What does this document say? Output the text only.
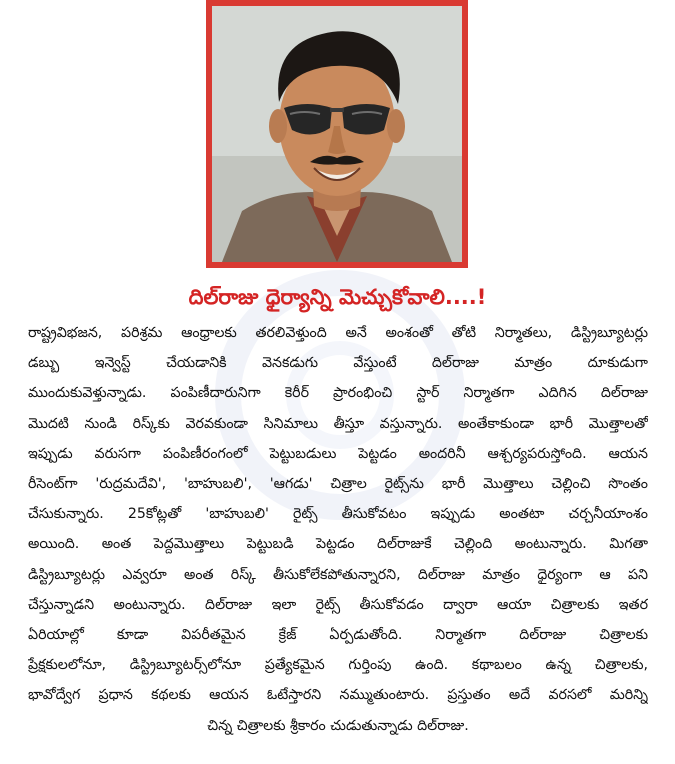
దిల్‌రాజు ధైర్యాన్ని మెచ్చుకోవాలి....!
రాష్ట్రవిభజన, పరిశ్రమ ఆంధ్రాలకు తరలివెళ్తుంది అనే అంశంతో తోటి నిర్మాతలు, డిస్ట్రిబ్యూటర్లు
డబ్బు ఇన్వెస్ట్ చేయడానికి వెనకడుగు వేస్తుంటే దిల్‌రాజు మాత్రం దూకుడుగా
ముందుకువెళ్తున్నాడు. పంపిణీదారునిగా కెరీర్ ప్రారంభించి స్టార్ నిర్మాతగా ఎదిగిన దిల్‌రాజు
మొదటి నుండి రిస్క్‌కు వెరవకుండా సినిమాలు తీస్తూ వస్తున్నారు. అంతేకాకుండా భారీ మొత్తాలతో
ఇప్పుడు వరుసగా పంపిణీరంగంలో పెట్టుబడులు పెట్టడం అందరినీ ఆశ్చర్యపరుస్తోంది. ఆయన
రీసెంట్‌గా 'రుద్రమదేవి', 'బాహుబలి', 'ఆగడు' చిత్రాల రైట్స్‌ను భారీ మొత్తాలు చెల్లించి సొంతం
చేసుకున్నారు. 25కోట్లతో 'బాహుబలి' రైట్స్ తీసుకోవటం ఇప్పుడు అంతటా చర్చనీయాంశం
అయింది. అంత పెద్దమొత్తాలు పెట్టుబడి పెట్టడం దిల్‌రాజుకే చెల్లింది అంటున్నారు. మిగతా
డిస్ట్రిబ్యూటర్లు ఎవ్వరూ అంత రిస్క్ తీసుకోలేకపోతున్నారని, దిల్‌రాజు మాత్రం ధైర్యంగా ఆ పని
చేస్తున్నాడని అంటున్నారు. దిల్‌రాజు ఇలా రైట్స్ తీసుకోవడం ద్వారా ఆయా చిత్రాలకు ఇతర
ఏరియాల్లో కూడా విపరీతమైన క్రేజ్ ఏర్పడుతోంది. నిర్మాతగా దిల్‌రాజు చిత్రాలకు
ప్రేక్షకులలోనూ, డిస్ట్రిబ్యూటర్స్‌లోనూ ప్రత్యేకమైన గుర్తింపు ఉంది. కథాబలం ఉన్న చిత్రాలకు,
భావోద్వేగ ప్రధాన కథలకు ఆయన ఓటేస్తారని నమ్ముతుంటారు. ప్రస్తుతం అదే వరసలో మరిన్ని
చిన్న చిత్రాలకు శ్రీకారం చుడుతున్నాడు దిల్‌రాజు.
